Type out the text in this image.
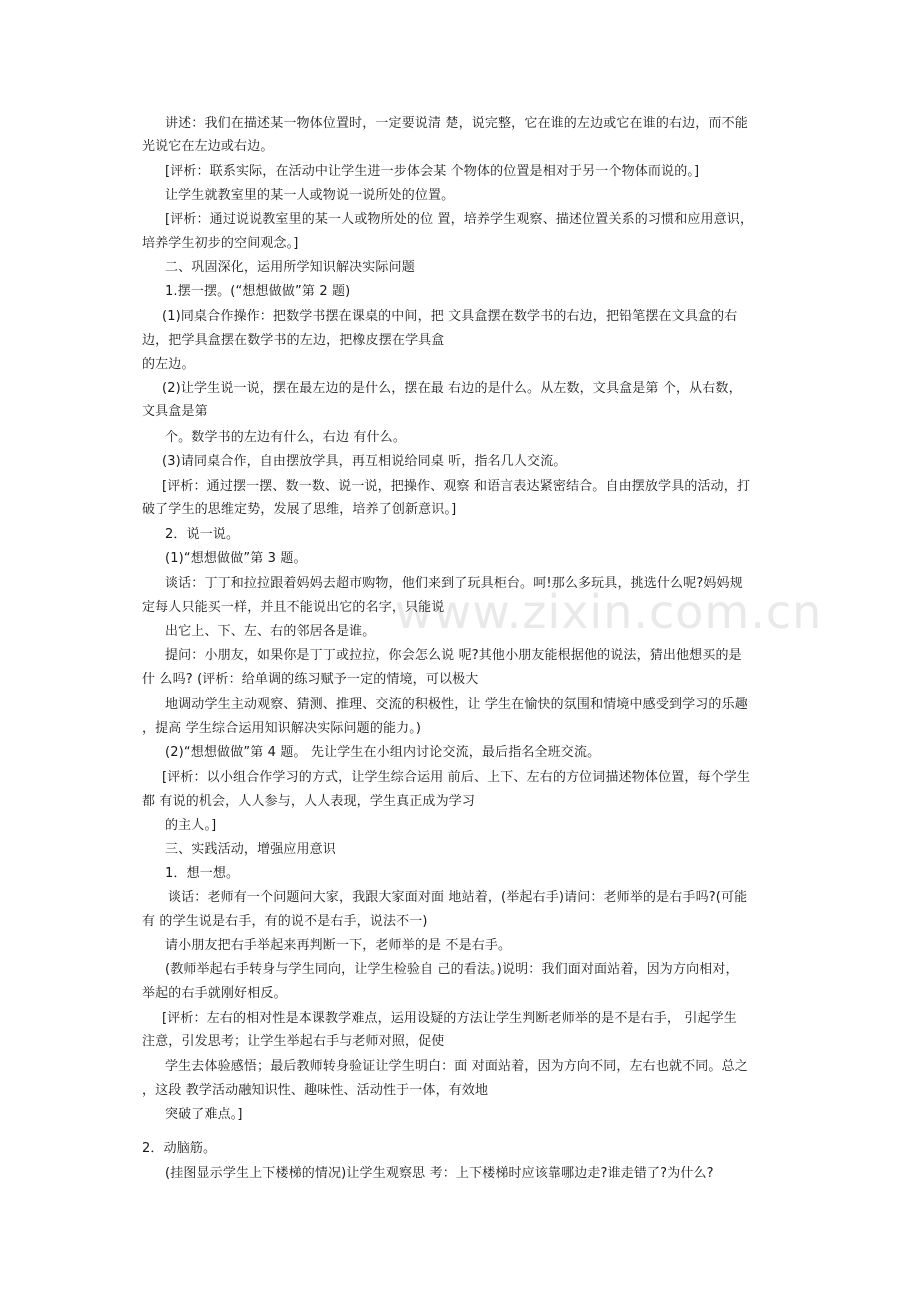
www.zixin.com.cn
讲述：我们在描述某一物体位置时，一定要说清 楚，说完整，它在谁的左边或它在谁的右边，而不能
光说它在左边或右边。
[评析：联系实际，在活动中让学生进一步体会某 个物体的位置是相对于另一个物体而说的。]
让学生就教室里的某一人或物说一说所处的位置。
[评析：通过说说教室里的某一人或物所处的位 置，培养学生观察、描述位置关系的习惯和应用意识，
培养学生初步的空间观念。]
二、巩固深化，运用所学知识解决实际问题
1.摆一摆。(“想想做做”第 2 题)
(1)同桌合作操作：把数学书摆在课桌的中间，把 文具盒摆在数学书的右边，把铅笔摆在文具盒的右
边，把学具盒摆在数学书的左边，把橡皮摆在学具盒
的左边。
(2)让学生说一说，摆在最左边的是什么，摆在最 右边的是什么。从左数，文具盒是第 个，从右数，
文具盒是第
个。数学书的左边有什么，右边 有什么。
(3)请同桌合作，自由摆放学具，再互相说给同桌 听，指名几人交流。
[评析：通过摆一摆、数一数、说一说，把操作、观察 和语言表达紧密结合。自由摆放学具的活动，打
破了学生的思维定势，发展了思维，培养了创新意识。]
2．说一说。
(1)“想想做做”第 3 题。
谈话：丁丁和拉拉跟着妈妈去超市购物，他们来到了玩具柜台。呵!那么多玩具，挑选什么呢?妈妈规
定每人只能买一样，并且不能说出它的名字，只能说
出它上、下、左、右的邻居各是谁。
提问：小朋友，如果你是丁丁或拉拉，你会怎么说 呢?其他小朋友能根据他的说法，猜出他想买的是
什 么吗? (评析：给单调的练习赋予一定的情境，可以极大
地调动学生主动观察、猜测、推理、交流的积极性，让 学生在愉快的氛围和情境中感受到学习的乐趣
，提高 学生综合运用知识解决实际问题的能力。)
(2)“想想做做”第 4 题。 先让学生在小组内讨论交流，最后指名全班交流。
[评析：以小组合作学习的方式，让学生综合运用 前后、上下、左右的方位词描述物体位置，每个学生
都 有说的机会，人人参与，人人表现，学生真正成为学习
的主人。]
三、实践活动，增强应用意识
1．想一想。
谈话：老师有一个问题问大家，我跟大家面对面 地站着，(举起右手)请问：老师举的是右手吗?(可能
有 的学生说是右手，有的说不是右手，说法不一)
请小朋友把右手举起来再判断一下，老师举的是 不是右手。
(教师举起右手转身与学生同向，让学生检验自 己的看法。)说明：我们面对面站着，因为方向相对，
举起的右手就刚好相反。
[评析：左右的相对性是本课教学难点，运用设疑的方法让学生判断老师举的是不是右手， 引起学生
注意，引发思考；让学生举起右手与老师对照，促使
学生去体验感悟；最后教师转身验证让学生明白：面 对面站着，因为方向不同，左右也就不同。总之
，这段 教学活动融知识性、趣味性、活动性于一体，有效地
突破了难点。]
2．动脑筋。
(挂图显示学生上下楼梯的情况)让学生观察思 考：上下楼梯时应该靠哪边走?谁走错了?为什么?
